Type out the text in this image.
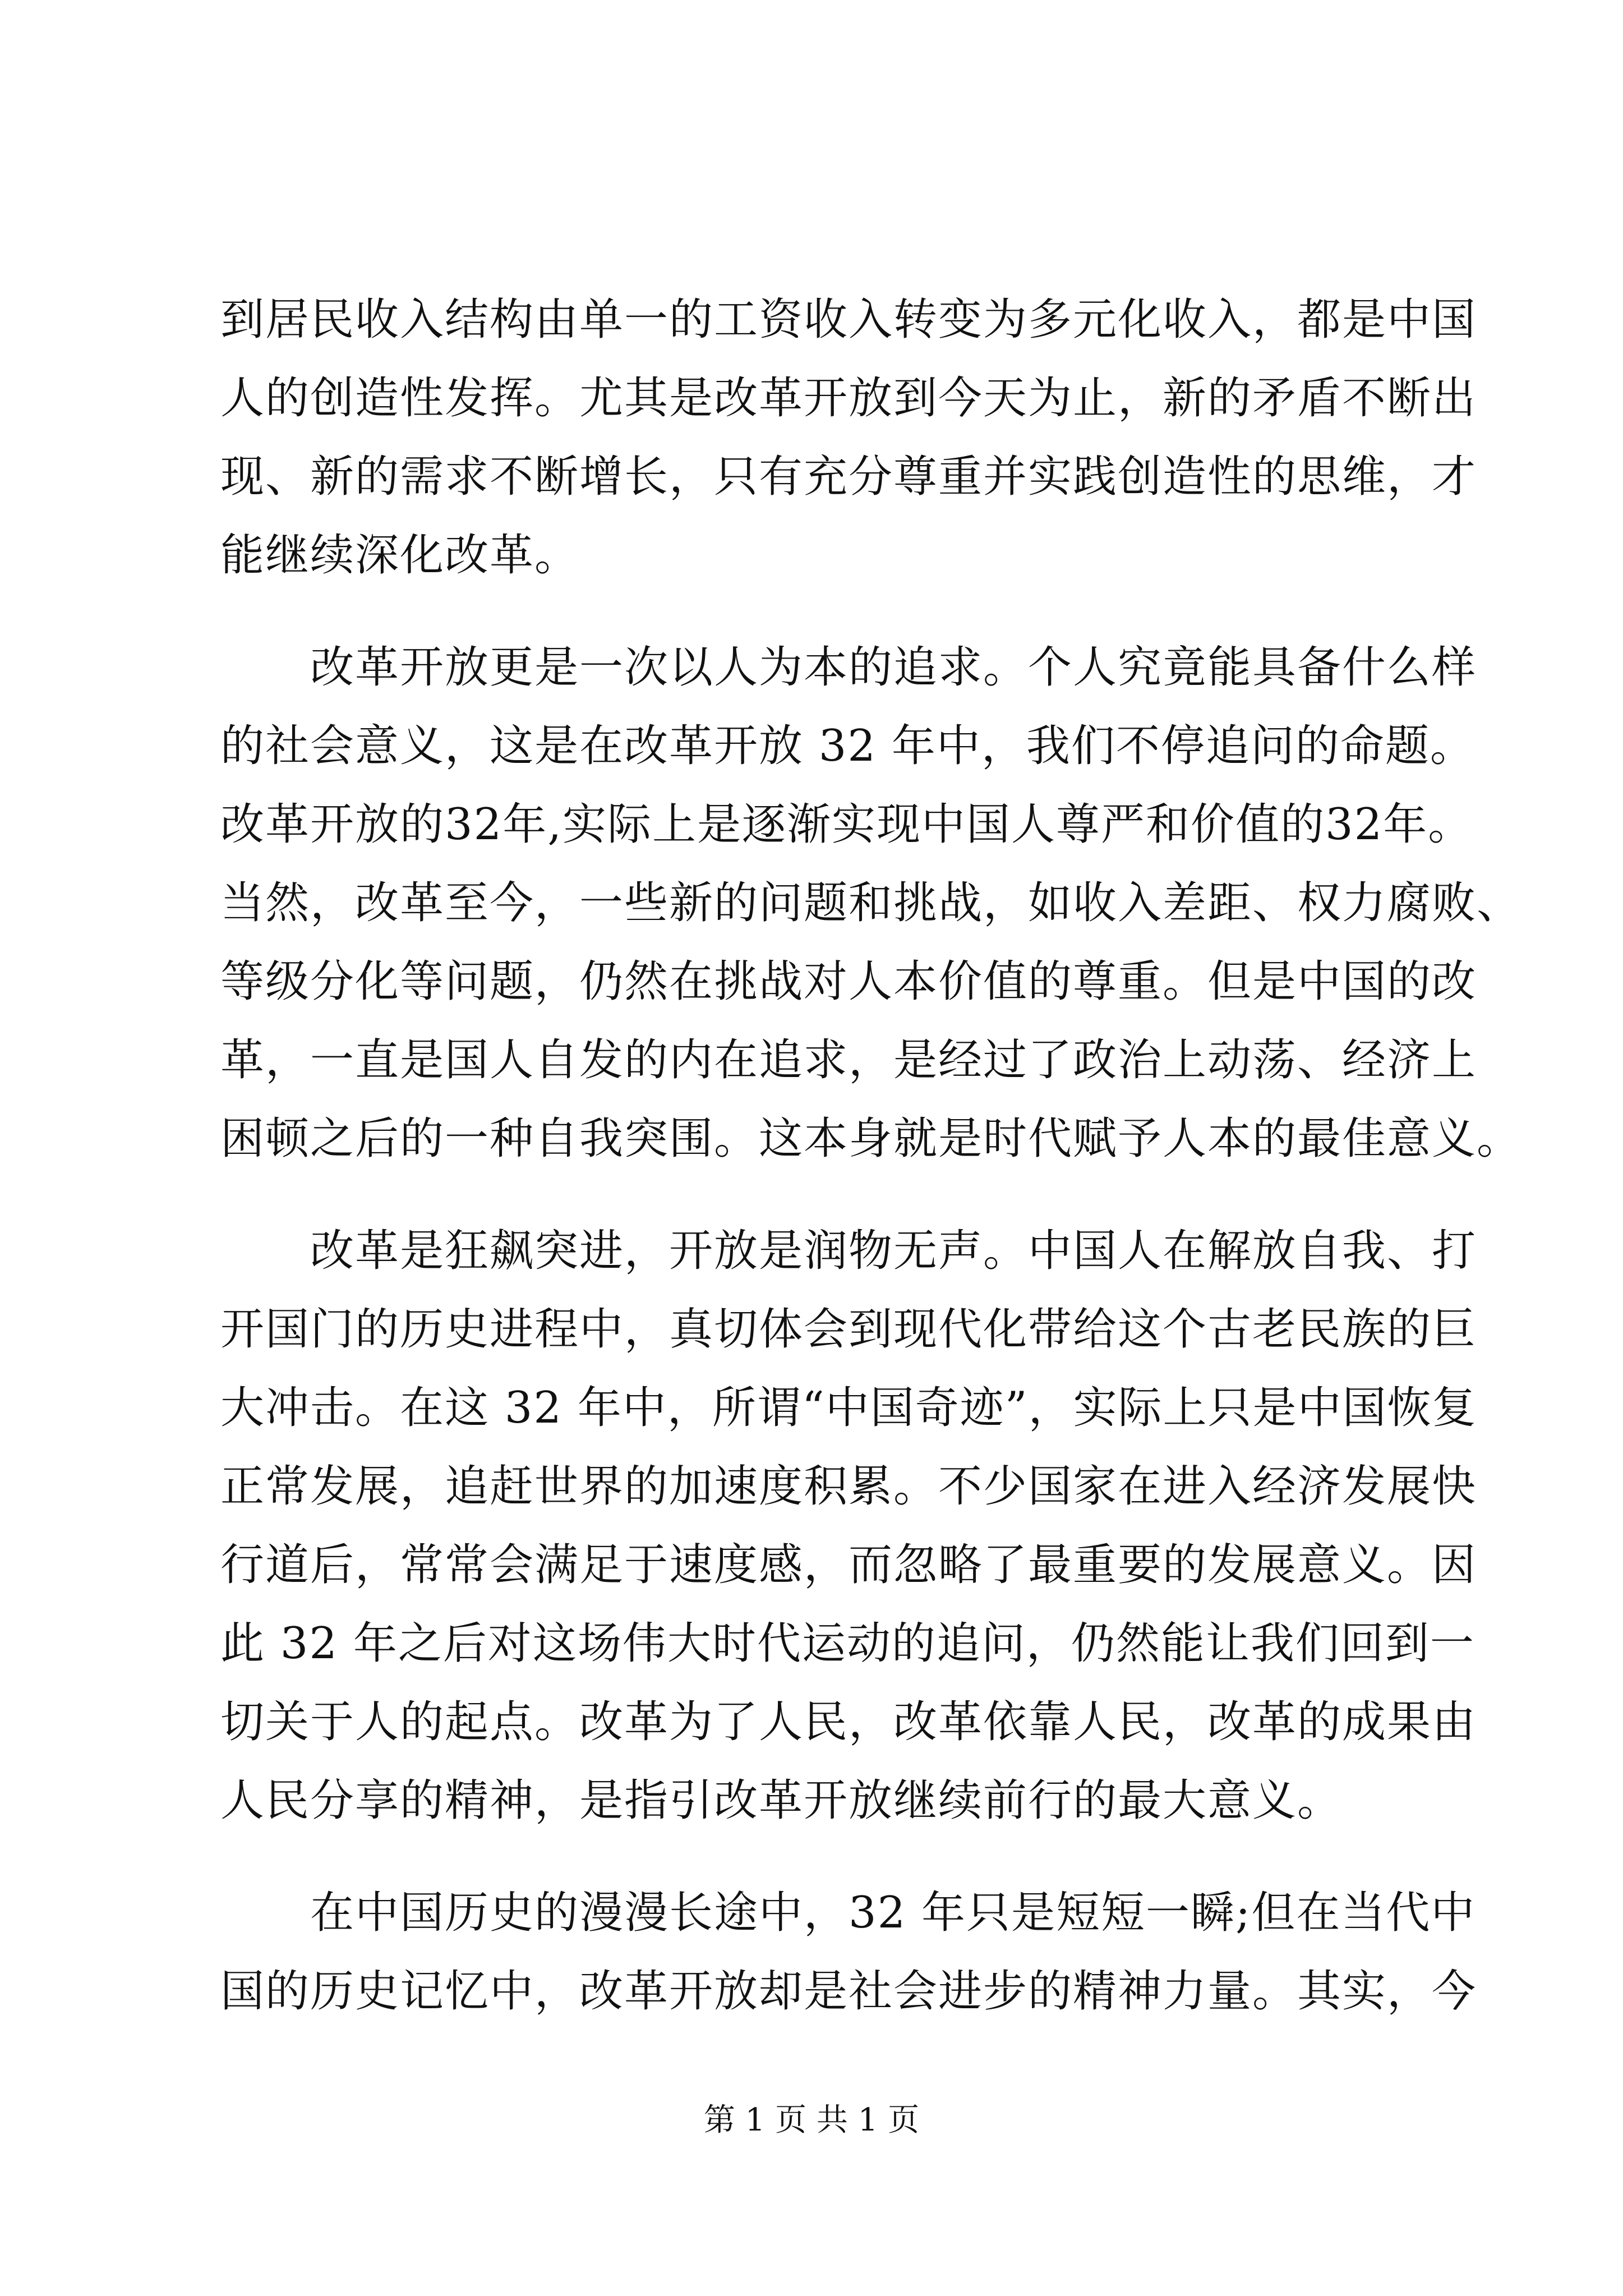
到居民收入结构由单一的工资收入转变为多元化收入，都是中国
人的创造性发挥。尤其是改革开放到今天为止，新的矛盾不断出
现、新的需求不断增长，只有充分尊重并实践创造性的思维，才
能继续深化改革。
　　改革开放更是一次以人为本的追求。个人究竟能具备什么样
的社会意义，这是在改革开放 32 年中，我们不停追问的命题。
改革开放的32年,实际上是逐渐实现中国人尊严和价值的32年。
当然，改革至今，一些新的问题和挑战，如收入差距、权力腐败、
等级分化等问题，仍然在挑战对人本价值的尊重。但是中国的改
革，一直是国人自发的内在追求，是经过了政治上动荡、经济上
困顿之后的一种自我突围。这本身就是时代赋予人本的最佳意义。
　　改革是狂飙突进，开放是润物无声。中国人在解放自我、打
开国门的历史进程中，真切体会到现代化带给这个古老民族的巨
大冲击。在这 32 年中，所谓“中国奇迹”，实际上只是中国恢复
正常发展，追赶世界的加速度积累。不少国家在进入经济发展快
行道后，常常会满足于速度感，而忽略了最重要的发展意义。因
此 32 年之后对这场伟大时代运动的追问，仍然能让我们回到一
切关于人的起点。改革为了人民，改革依靠人民，改革的成果由
人民分享的精神，是指引改革开放继续前行的最大意义。
　　在中国历史的漫漫长途中，32 年只是短短一瞬;但在当代中
国的历史记忆中，改革开放却是社会进步的精神力量。其实，今
第 1 页 共 1 页
